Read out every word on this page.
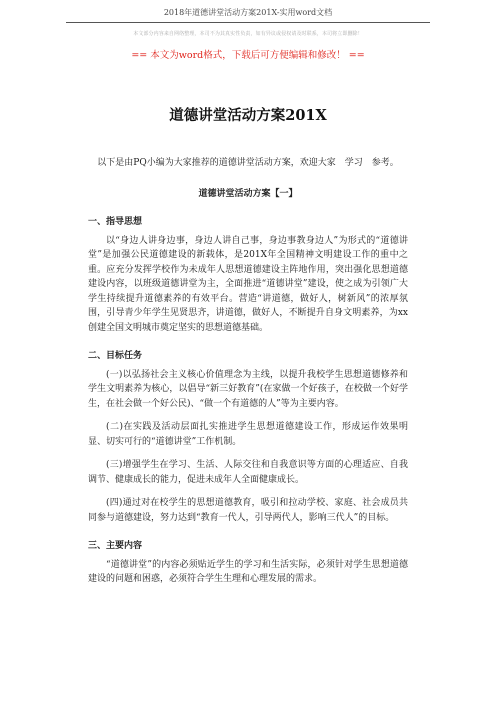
2018年道德讲堂活动方案201X-实用word文档
本文部分内容来自网络整理，本司不为其真实性负责，如有异议或侵权请及时联系，本司将立即删除！
== 本文为word格式，下载后可方便编辑和修改！ ==
道德讲堂活动方案201X
以下是由PQ小编为大家推荐的道德讲堂活动方案，欢迎大家　学习　参考。
道德讲堂活动方案【一】
一、指导思想
以“身边人讲身边事，身边人讲自己事，身边事教身边人”为形式的“道德讲堂”是加强公民道德建设的新载体，是201X年全国精神文明建设工作的重中之重。应充分发挥学校作为未成年人思想道德建设主阵地作用，突出强化思想道德建设内容，以班级道德讲堂为主，全面推进“道德讲堂”建设，使之成为引领广大学生持续提升道德素养的有效平台。营造“讲道德，做好人，树新风”的浓厚氛围，引导青少年学生见贤思齐，讲道德，做好人，不断提升自身文明素养，为xx创建全国文明城市奠定坚实的思想道德基础。
二、目标任务
(一)以弘扬社会主义核心价值理念为主线，以提升我校学生思想道德修养和学生文明素养为核心，以倡导“新三好教育”(在家做一个好孩子，在校做一个好学生，在社会做一个好公民)、“做一个有道德的人”等为主要内容。
(二)在实践及活动层面扎实推进学生思想道德建设工作，形成运作效果明显、切实可行的“道德讲堂”工作机制。
(三)增强学生在学习、生活、人际交往和自我意识等方面的心理适应、自我调节、健康成长的能力，促进未成年人全面健康成长。
(四)通过对在校学生的思想道德教育，吸引和拉动学校、家庭、社会成员共同参与道德建设，努力达到“教育一代人，引导两代人，影响三代人”的目标。
三、主要内容
“道德讲堂”的内容必须贴近学生的学习和生活实际，必须针对学生思想道德建设的问题和困惑，必须符合学生生理和心理发展的需求。
